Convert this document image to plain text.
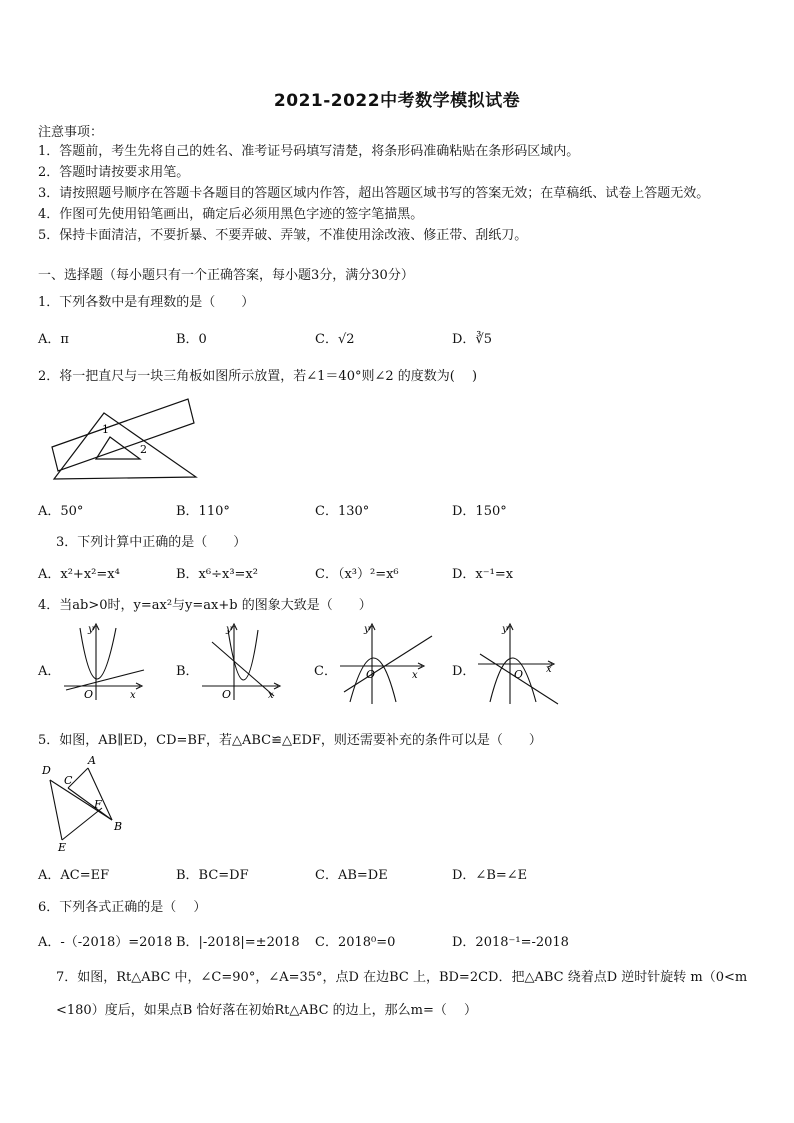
2021-2022中考数学模拟试卷
注意事项：
1．答题前，考生先将自己的姓名、准考证号码填写清楚，将条形码准确粘贴在条形码区域内。
2．答题时请按要求用笔。
3．请按照题号顺序在答题卡各题目的答题区域内作答，超出答题区域书写的答案无效；在草稿纸、试卷上答题无效。
4．作图可先使用铅笔画出，确定后必须用黑色字迹的签字笔描黑。
5．保持卡面清洁，不要折暴、不要弄破、弄皱，不准使用涂改液、修正带、刮纸刀。
一、选择题（每小题只有一个正确答案，每小题3分，满分30分）
1．下列各数中是有理数的是（　　）
A．π	B．0	C．√2	D．∛5
2．将一把直尺与一块三角板如图所示放置，若∠1＝40°则∠2 的度数为(　 )
1
2
A．50°	B．110°	C．130°	D．150°
3．下列计算中正确的是（　　）
A．x²+x²=x⁴	B．x⁶÷x³=x²	C．（x³）²=x⁶	D．x⁻¹=x
4．当ab>0时，y=ax²与y=ax+b 的图象大致是（　　）
A．
y
x
O
B．
y
x
O
C．
y
x
O	D．
y
x
O
5．如图，AB∥ED，CD=BF，若△ABC≌△EDF，则还需要补充的条件可以是（　　）
D
C
A
F
B
E
A．AC=EF	B．BC=DF	C．AB=DE	D．∠B=∠E
6．下列各式正确的是（　 ）
A．-（-2018）=2018 B．|-2018|=±2018 C．2018⁰=0	D．2018⁻¹=-2018
7．如图，Rt△ABC 中，∠C=90°，∠A=35°，点D 在边BC 上，BD=2CD．把△ABC 绕着点D 逆时针旋转 m（0<m
<180）度后，如果点B 恰好落在初始Rt△ABC 的边上，那么m=（　 ）
